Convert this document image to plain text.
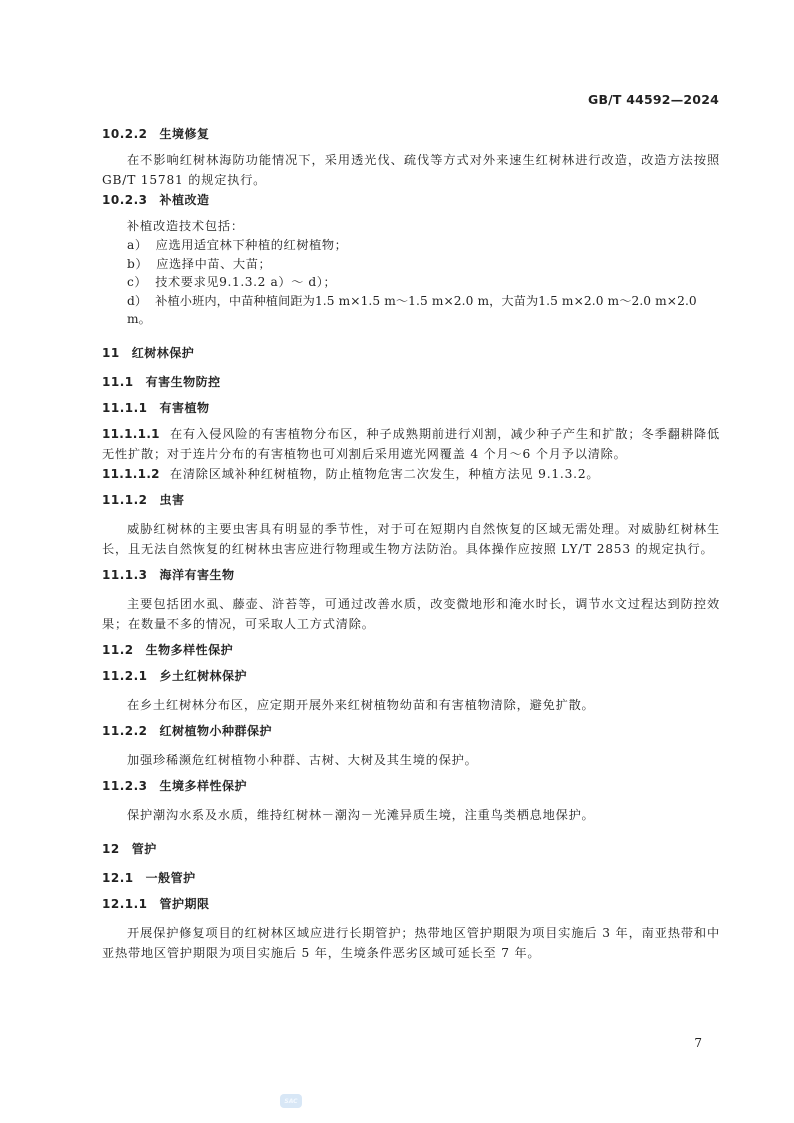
GB/T 44592—2024
10.2.2 生境修复
在不影响红树林海防功能情况下，采用透光伐、疏伐等方式对外来速生红树林进行改造，改造方法按照 GB/T 15781 的规定执行。
10.2.3 补植改造
补植改造技术包括：
a） 应选用适宜林下种植的红树植物；
b） 应选择中苗、大苗；
c） 技术要求见9.1.3.2 a）～ d）；
d） 补植小班内，中苗种植间距为1.5 m×1.5 m～1.5 m×2.0 m，大苗为1.5 m×2.0 m～2.0 m×2.0 m。
11 红树林保护
11.1 有害生物防控
11.1.1 有害植物
11.1.1.1 在有入侵风险的有害植物分布区，种子成熟期前进行刈割，减少种子产生和扩散；冬季翻耕降低无性扩散；对于连片分布的有害植物也可刈割后采用遮光网覆盖 4 个月～6 个月予以清除。
11.1.1.2 在清除区域补种红树植物，防止植物危害二次发生，种植方法见 9.1.3.2。
11.1.2 虫害
威胁红树林的主要虫害具有明显的季节性，对于可在短期内自然恢复的区域无需处理。对威胁红树林生长，且无法自然恢复的红树林虫害应进行物理或生物方法防治。具体操作应按照 LY/T 2853 的规定执行。
11.1.3 海洋有害生物
主要包括团水虱、藤壶、浒苔等，可通过改善水质，改变微地形和淹水时长，调节水文过程达到防控效果；在数量不多的情况，可采取人工方式清除。
11.2 生物多样性保护
11.2.1 乡土红树林保护
在乡土红树林分布区，应定期开展外来红树植物幼苗和有害植物清除，避免扩散。
11.2.2 红树植物小种群保护
加强珍稀濒危红树植物小种群、古树、大树及其生境的保护。
11.2.3 生境多样性保护
保护潮沟水系及水质，维持红树林－潮沟－光滩异质生境，注重鸟类栖息地保护。
12 管护
12.1 一般管护
12.1.1 管护期限
开展保护修复项目的红树林区域应进行长期管护；热带地区管护期限为项目实施后 3 年，南亚热带和中亚热带地区管护期限为项目实施后 5 年，生境条件恶劣区域可延长至 7 年。
7
SAC
